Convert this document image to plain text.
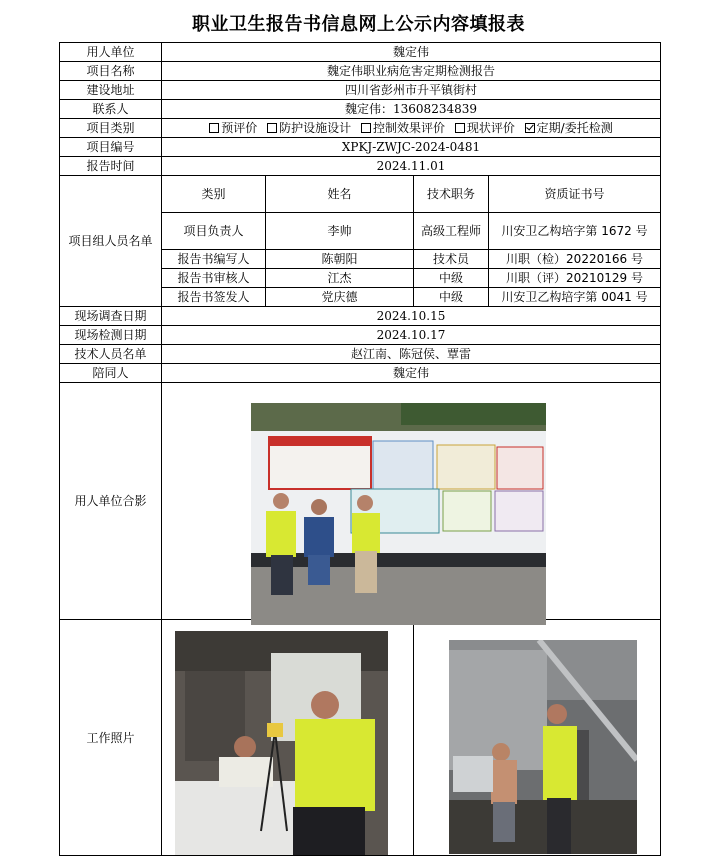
职业卫生报告书信息网上公示内容填报表
用人单位	魏定伟			
项目名称	魏定伟职业病危害定期检测报告			
建设地址	四川省彭州市升平镇街村			
联系人	魏定伟：13608234839			
项目类别	预评价 防护设施设计 控制效果评价 现状评价 定期/委托检测			
项目编号	XPKJ-ZWJC-2024-0481			
报告时间	2024.11.01			
项目组人员名单	类别	姓名	技术职务	资质证书号
	项目负责人	李帅	高级工程师	川安卫乙构培字第 1672 号
	报告书编写人	陈朝阳	技术员	川职（检）20220166 号
	报告书审核人	江杰	中级	川职（评）20210129 号
	报告书签发人	党庆德	中级	川安卫乙构培字第 0041 号
现场调查日期	2024.10.15			
现场检测日期	2024.10.17			
技术人员名单	赵江南、陈冠侯、覃雷			
陪同人	魏定伟			
用人单位合影				
工作照片				
